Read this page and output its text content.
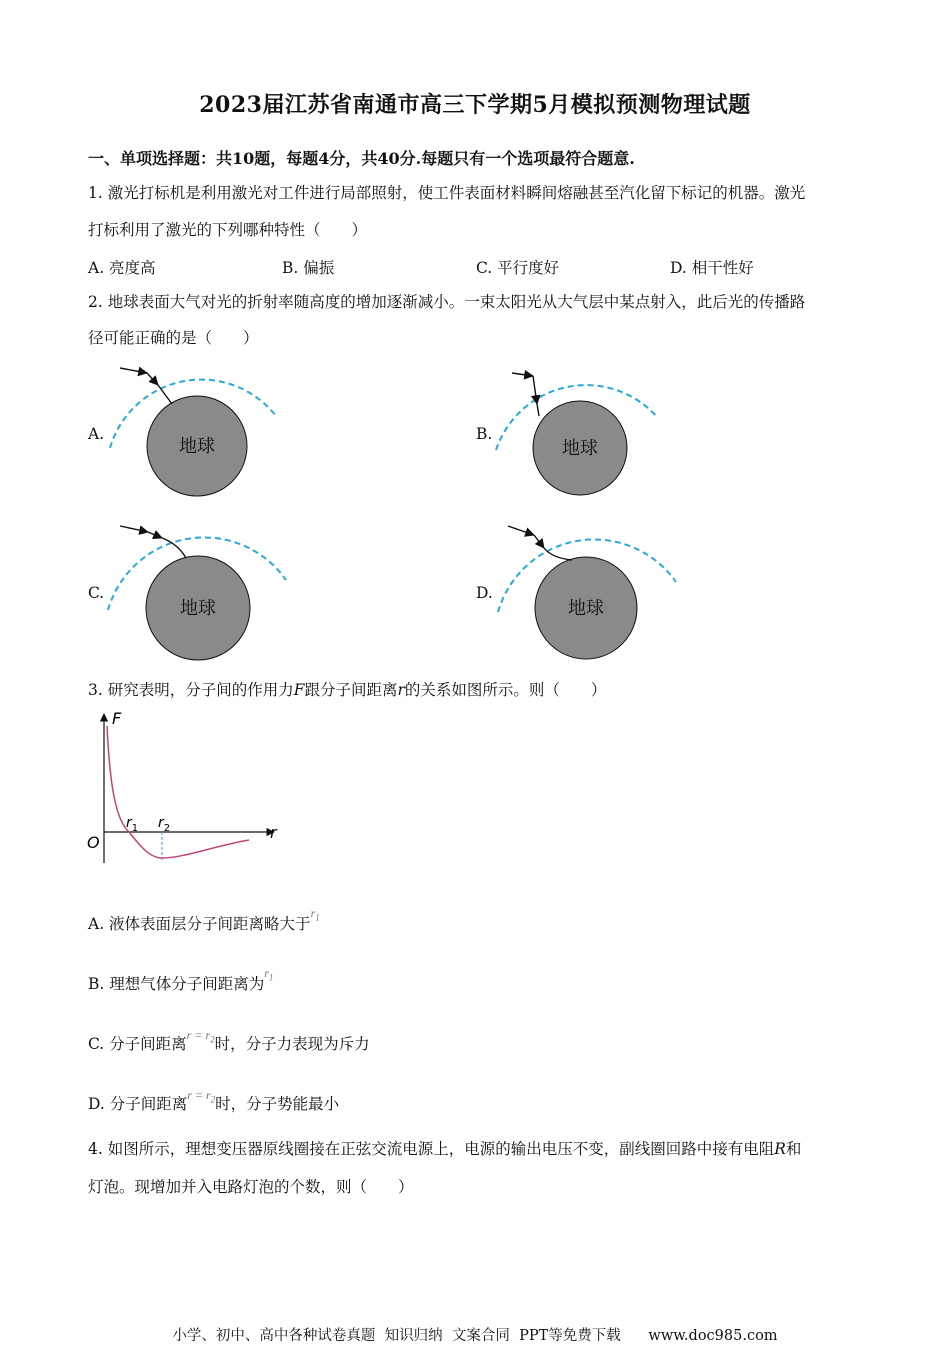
2023届江苏省南通市高三下学期5月模拟预测物理试题
一、单项选择题：共10题，每题4分，共40分.每题只有一个选项最符合题意.
1. 激光打标机是利用激光对工件进行局部照射，使工件表面材料瞬间熔融甚至汽化留下标记的机器。激光
打标利用了激光的下列哪种特性（　　）
A. 亮度高	B. 偏振	C. 平行度好	D. 相干性好
2. 地球表面大气对光的折射率随高度的增加逐渐减小。一束太阳光从大气层中某点射入，此后光的传播路
径可能正确的是（　　）
A.	B.
C.	D.
地球	地球
地球	地球
3. 研究表明，分子间的作用力F跟分子间距离r的关系如图所示。则（　　）
F
r
O
$r_1$ $r_2$
A. 液体表面层分子间距离略大于$^{r_1}$
B. 理想气体分子间距离为$^{r_1}$
C. 分子间距离$^{r = r_2}$时，分子力表现为斥力
D. 分子间距离$^{r = r_2}$时，分子势能最小
4. 如图所示，理想变压器原线圈接在正弦交流电源上，电源的输出电压不变，副线圈回路中接有电阻R和
灯泡。现增加并入电路灯泡的个数，则（　　）
小学、初中、高中各种试卷真题  知识归纳  文案合同  PPT等免费下载      www.doc985.com
